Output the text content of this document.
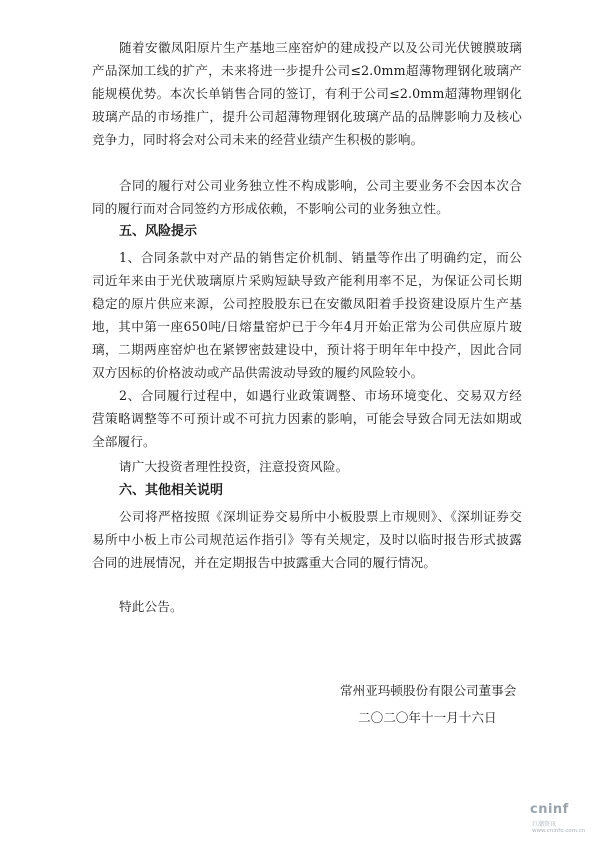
随着安徽凤阳原片生产基地三座窑炉的建成投产以及公司光伏镀膜玻璃产品深加工线的扩产，未来将进一步提升公司≤2.0mm超薄物理钢化玻璃产能规模优势。本次长单销售合同的签订，有利于公司≤2.0mm超薄物理钢化玻璃产品的市场推广，提升公司超薄物理钢化玻璃产品的品牌影响力及核心竞争力，同时将会对公司未来的经营业绩产生积极的影响。

合同的履行对公司业务独立性不构成影响，公司主要业务不会因本次合同的履行而对合同签约方形成依赖，不影响公司的业务独立性。

五、风险提示

1、合同条款中对产品的销售定价机制、销量等作出了明确约定，而公司近年来由于光伏玻璃原片采购短缺导致产能利用率不足，为保证公司长期稳定的原片供应来源，公司控股股东已在安徽凤阳着手投资建设原片生产基地，其中第一座650吨/日熔量窑炉已于今年4月开始正常为公司供应原片玻璃，二期两座窑炉也在紧锣密鼓建设中，预计将于明年年中投产，因此合同双方因标的价格波动或产品供需波动导致的履约风险较小。

2、合同履行过程中，如遇行业政策调整、市场环境变化、交易双方经营策略调整等不可预计或不可抗力因素的影响，可能会导致合同无法如期或全部履行。

请广大投资者理性投资，注意投资风险。

六、其他相关说明

公司将严格按照《深圳证券交易所中小板股票上市规则》、《深圳证券交易所中小板上市公司规范运作指引》等有关规定，及时以临时报告形式披露合同的进展情况，并在定期报告中披露重大合同的履行情况。

特此公告。

常州亚玛顿股份有限公司董事会

二〇二〇年十一月十六日

cninf
巨潮资讯
www.cninfo.com.cn
